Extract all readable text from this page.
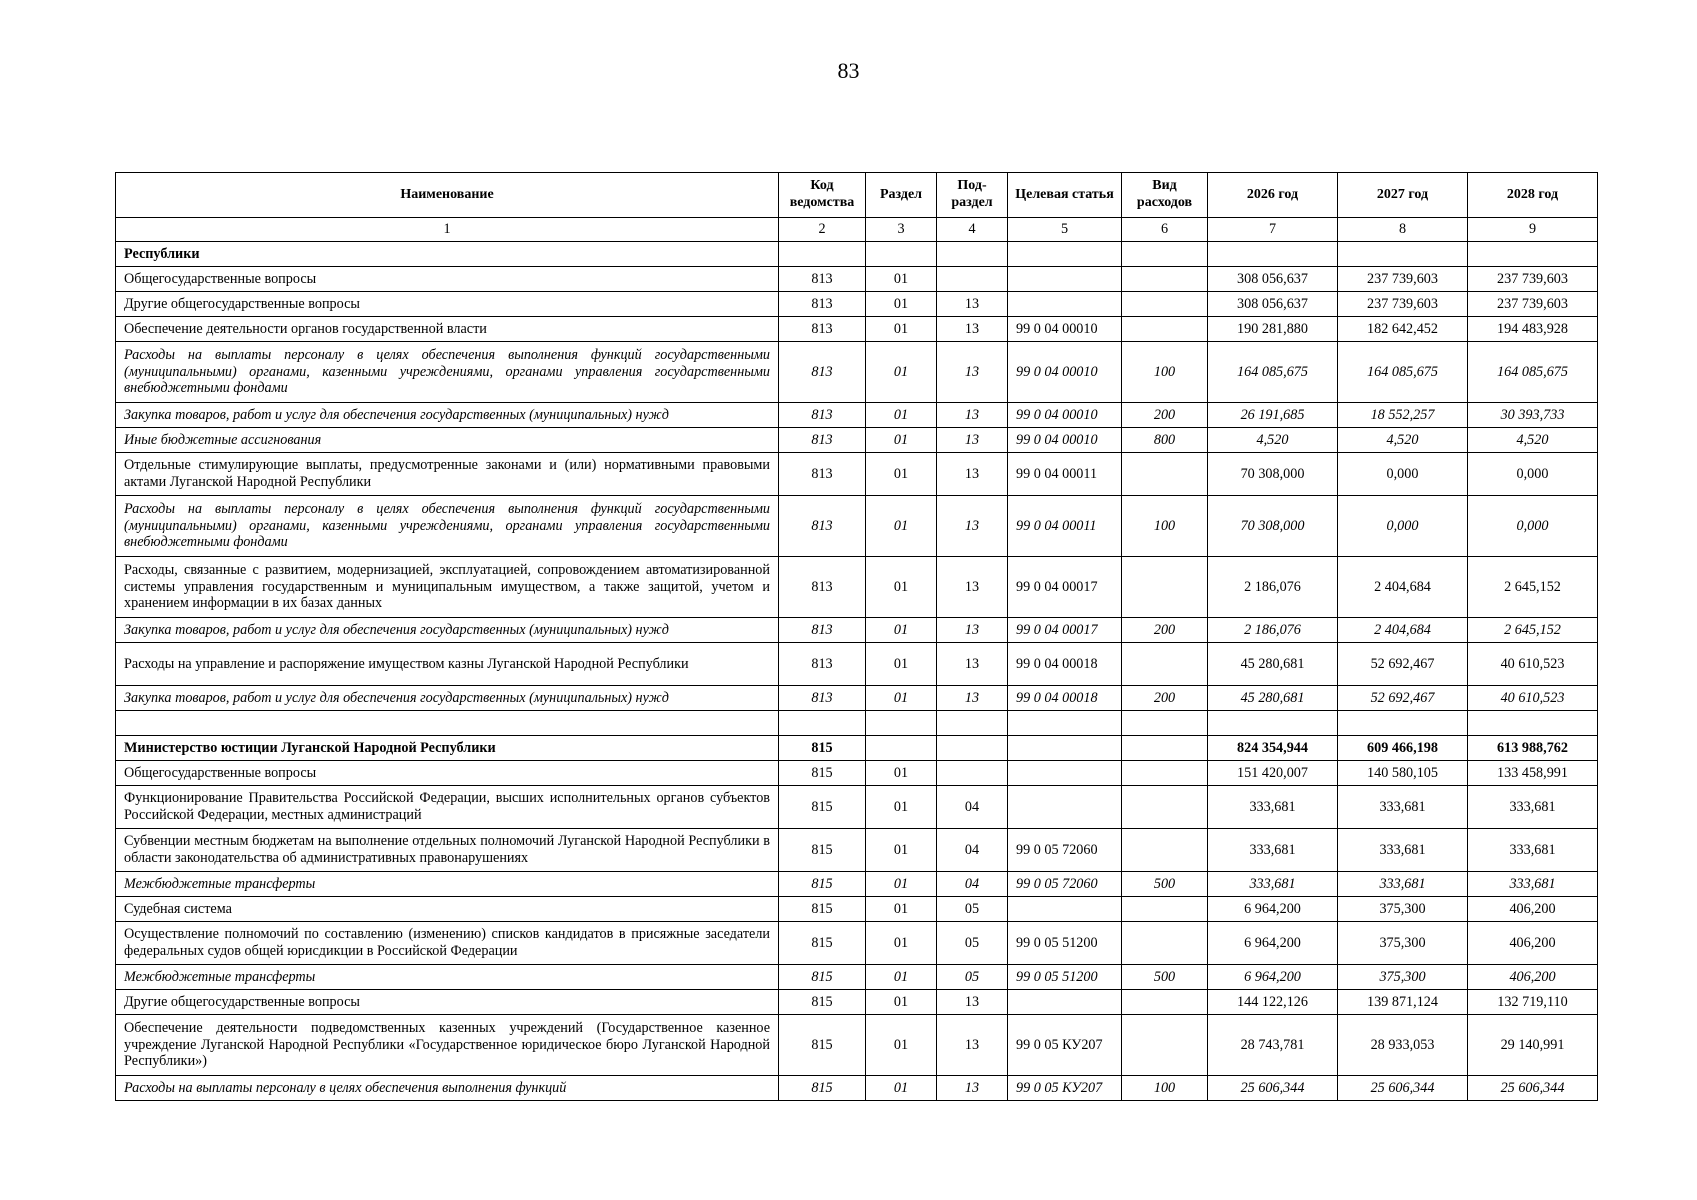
83
Наименование	Код ведомства	Раздел	Под- раздел	Целевая статья	Вид расходов	2026 год	2027 год	2028 год
1	2	3	4	5	6	7	8	9
Республики								
Общегосударственные вопросы	813	01				308 056,637	237 739,603	237 739,603
Другие общегосударственные вопросы	813	01	13			308 056,637	237 739,603	237 739,603
Обеспечение деятельности органов государственной власти	813	01	13	99 0 04 00010		190 281,880	182 642,452	194 483,928
Расходы на выплаты персоналу в целях обеспечения выполнения функций государственными (муниципальными) органами, казенными учреждениями, органами управления государственными внебюджетными фондами	813	01	13	99 0 04 00010	100	164 085,675	164 085,675	164 085,675
Закупка товаров, работ и услуг для обеспечения государственных (муниципальных) нужд	813	01	13	99 0 04 00010	200	26 191,685	18 552,257	30 393,733
Иные бюджетные ассигнования	813	01	13	99 0 04 00010	800	4,520	4,520	4,520
Отдельные стимулирующие выплаты, предусмотренные законами и (или) нормативными правовыми актами Луганской Народной Республики	813	01	13	99 0 04 00011		70 308,000	0,000	0,000
Расходы на выплаты персоналу в целях обеспечения выполнения функций государственными (муниципальными) органами, казенными учреждениями, органами управления государственными внебюджетными фондами	813	01	13	99 0 04 00011	100	70 308,000	0,000	0,000
Расходы, связанные с развитием, модернизацией, эксплуатацией, сопровождением автоматизированной системы управления государственным и муниципальным имуществом, а также защитой, учетом и хранением информации в их базах данных	813	01	13	99 0 04 00017		2 186,076	2 404,684	2 645,152
Закупка товаров, работ и услуг для обеспечения государственных (муниципальных) нужд	813	01	13	99 0 04 00017	200	2 186,076	2 404,684	2 645,152
Расходы на управление и распоряжение имуществом казны Луганской Народной Республики	813	01	13	99 0 04 00018		45 280,681	52 692,467	40 610,523
Закупка товаров, работ и услуг для обеспечения государственных (муниципальных) нужд	813	01	13	99 0 04 00018	200	45 280,681	52 692,467	40 610,523

Министерство юстиции Луганской Народной Республики	815					824 354,944	609 466,198	613 988,762
Общегосударственные вопросы	815	01				151 420,007	140 580,105	133 458,991
Функционирование Правительства Российской Федерации, высших исполнительных органов субъектов Российской Федерации, местных администраций	815	01	04			333,681	333,681	333,681
Субвенции местным бюджетам на выполнение отдельных полномочий Луганской Народной Республики в области законодательства об административных правонарушениях	815	01	04	99 0 05 72060		333,681	333,681	333,681
Межбюджетные трансферты	815	01	04	99 0 05 72060	500	333,681	333,681	333,681
Судебная система	815	01	05			6 964,200	375,300	406,200
Осуществление полномочий по составлению (изменению) списков кандидатов в присяжные заседатели федеральных судов общей юрисдикции в Российской Федерации	815	01	05	99 0 05 51200		6 964,200	375,300	406,200
Межбюджетные трансферты	815	01	05	99 0 05 51200	500	6 964,200	375,300	406,200
Другие общегосударственные вопросы	815	01	13			144 122,126	139 871,124	132 719,110
Обеспечение деятельности подведомственных казенных учреждений (Государственное казенное учреждение Луганской Народной Республики «Государственное юридическое бюро Луганской Народной Республики»)	815	01	13	99 0 05 КУ207		28 743,781	28 933,053	29 140,991
Расходы на выплаты персоналу в целях обеспечения выполнения функций	815	01	13	99 0 05 КУ207	100	25 606,344	25 606,344	25 606,344
